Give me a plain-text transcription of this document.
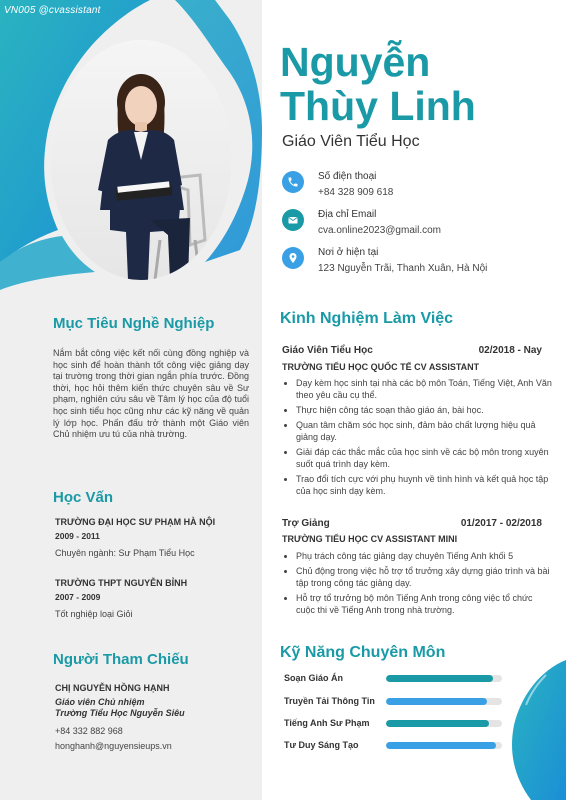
VN005 @cvassistant
Nguyễn
Thùy Linh
Giáo Viên Tiểu Học
Số điện thoại
+84 328 909 618
Địa chỉ Email
cva.online2023@gmail.com
Nơi ở hiện tại
123 Nguyễn Trãi, Thanh Xuân, Hà Nội
Mục Tiêu Nghề Nghiệp
Nắm bắt công việc kết nối cùng đồng nghiệp và học sinh để hoàn thành tốt công việc giảng dạy tại trường trong thời gian ngắn phía trước. Đồng thời, học hỏi thêm kiến thức chuyên sâu về Sư phạm, nghiên cứu sâu về Tâm lý học của độ tuổi học sinh tiểu học cũng như các kỹ năng về quản lý lớp học. Phấn đấu trở thành một Giáo viên Chủ nhiệm ưu tú của nhà trường.
Học Vấn
TRƯỜNG ĐẠI HỌC SƯ PHẠM HÀ NỘI
2009 - 2011
Chuyên ngành: Sư Phạm Tiểu Học
TRƯỜNG THPT NGUYỄN BỈNH
2007 - 2009
Tốt nghiệp loại Giỏi
Người Tham Chiếu
CHỊ NGUYỄN HỒNG HẠNH
Giáo viên Chủ nhiệm
Trường Tiểu Học Nguyễn Siêu
+84 332 882 968
honghanh@nguyensieups.vn
Kinh Nghiệm Làm Việc
Giáo Viên Tiểu Học	02/2018 - Nay
TRƯỜNG TIỂU HỌC QUỐC TẾ CV ASSISTANT
• Dạy kèm học sinh tại nhà các bộ môn Toán, Tiếng Việt, Anh Văn theo yêu cầu cụ thể.
• Thực hiện công tác soạn thảo giáo án, bài học.
• Quan tâm chăm sóc học sinh, đảm bảo chất lượng hiệu quả giảng dạy.
• Giải đáp các thắc mắc của học sinh về các bộ môn trong xuyên suốt quá trình dạy kèm.
• Trao đổi tích cực với phụ huynh về tình hình và kết quả học tập của học sinh dạy kèm.
Trợ Giảng	01/2017 - 02/2018
TRƯỜNG TIỂU HỌC CV ASSISTANT MINI
• Phụ trách công tác giảng dạy chuyên Tiếng Anh khối 5
• Chủ động trong việc hỗ trợ tổ trưởng xây dựng giáo trình và bài tập trong công tác giảng dạy.
• Hỗ trợ tổ trưởng bộ môn Tiếng Anh trong công việc tổ chức cuộc thi về Tiếng Anh trong nhà trường.
Kỹ Năng Chuyên Môn
Soạn Giáo Án
Truyền Tải Thông Tin
Tiếng Anh Sư Phạm
Tư Duy Sáng Tạo
